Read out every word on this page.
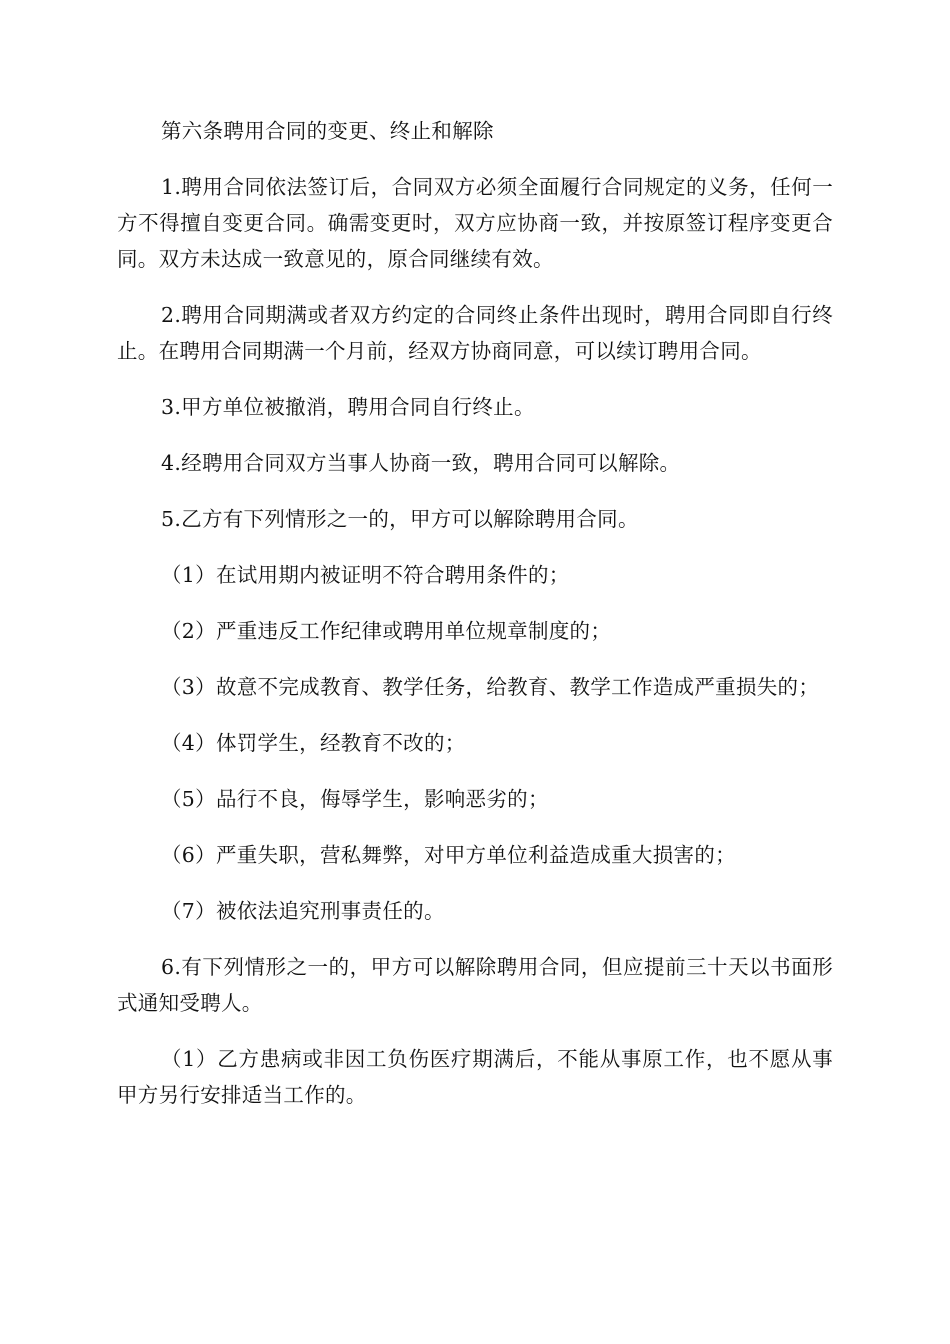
第六条聘用合同的变更、终止和解除

1.聘用合同依法签订后，合同双方必须全面履行合同规定的义务，任何一方不得擅自变更合同。确需变更时，双方应协商一致，并按原签订程序变更合同。双方未达成一致意见的，原合同继续有效。

2.聘用合同期满或者双方约定的合同终止条件出现时，聘用合同即自行终止。在聘用合同期满一个月前，经双方协商同意，可以续订聘用合同。

3.甲方单位被撤消，聘用合同自行终止。

4.经聘用合同双方当事人协商一致，聘用合同可以解除。

5.乙方有下列情形之一的，甲方可以解除聘用合同。

（1）在试用期内被证明不符合聘用条件的；

（2）严重违反工作纪律或聘用单位规章制度的；

（3）故意不完成教育、教学任务，给教育、教学工作造成严重损失的；

（4）体罚学生，经教育不改的；

（5）品行不良，侮辱学生，影响恶劣的；

（6）严重失职，营私舞弊，对甲方单位利益造成重大损害的；

（7）被依法追究刑事责任的。

6.有下列情形之一的，甲方可以解除聘用合同，但应提前三十天以书面形式通知受聘人。

（1）乙方患病或非因工负伤医疗期满后，不能从事原工作，也不愿从事甲方另行安排适当工作的。
